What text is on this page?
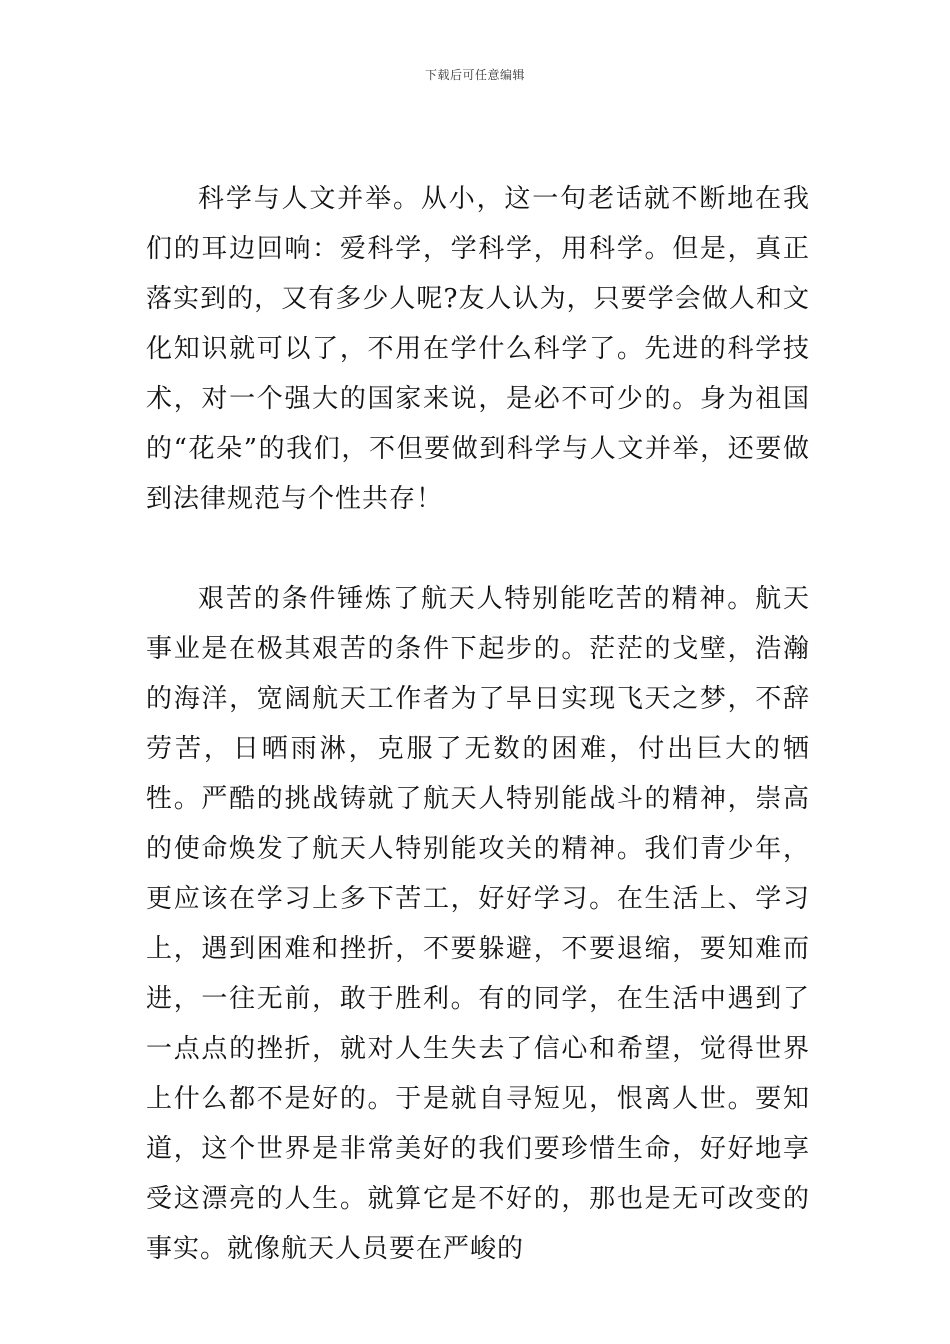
下载后可任意编辑

科学与人文并举。从小，这一句老话就不断地在我们的耳边回响：爱科学，学科学，用科学。但是，真正落实到的，又有多少人呢?友人认为，只要学会做人和文化知识就可以了，不用在学什么科学了。先进的科学技术，对一个强大的国家来说，是必不可少的。身为祖国的“花朵”的我们，不但要做到科学与人文并举，还要做到法律规范与个性共存！

艰苦的条件锤炼了航天人特别能吃苦的精神。航天事业是在极其艰苦的条件下起步的。茫茫的戈壁，浩瀚的海洋，宽阔航天工作者为了早日实现飞天之梦，不辞劳苦，日晒雨淋，克服了无数的困难，付出巨大的牺牲。严酷的挑战铸就了航天人特别能战斗的精神，崇高的使命焕发了航天人特别能攻关的精神。我们青少年，更应该在学习上多下苦工，好好学习。在生活上、学习上，遇到困难和挫折，不要躲避，不要退缩，要知难而进，一往无前，敢于胜利。有的同学，在生活中遇到了一点点的挫折，就对人生失去了信心和希望，觉得世界上什么都不是好的。于是就自寻短见，恨离人世。要知道，这个世界是非常美好的我们要珍惜生命，好好地享受这漂亮的人生。就算它是不好的，那也是无可改变的事实。就像航天人员要在严峻的
